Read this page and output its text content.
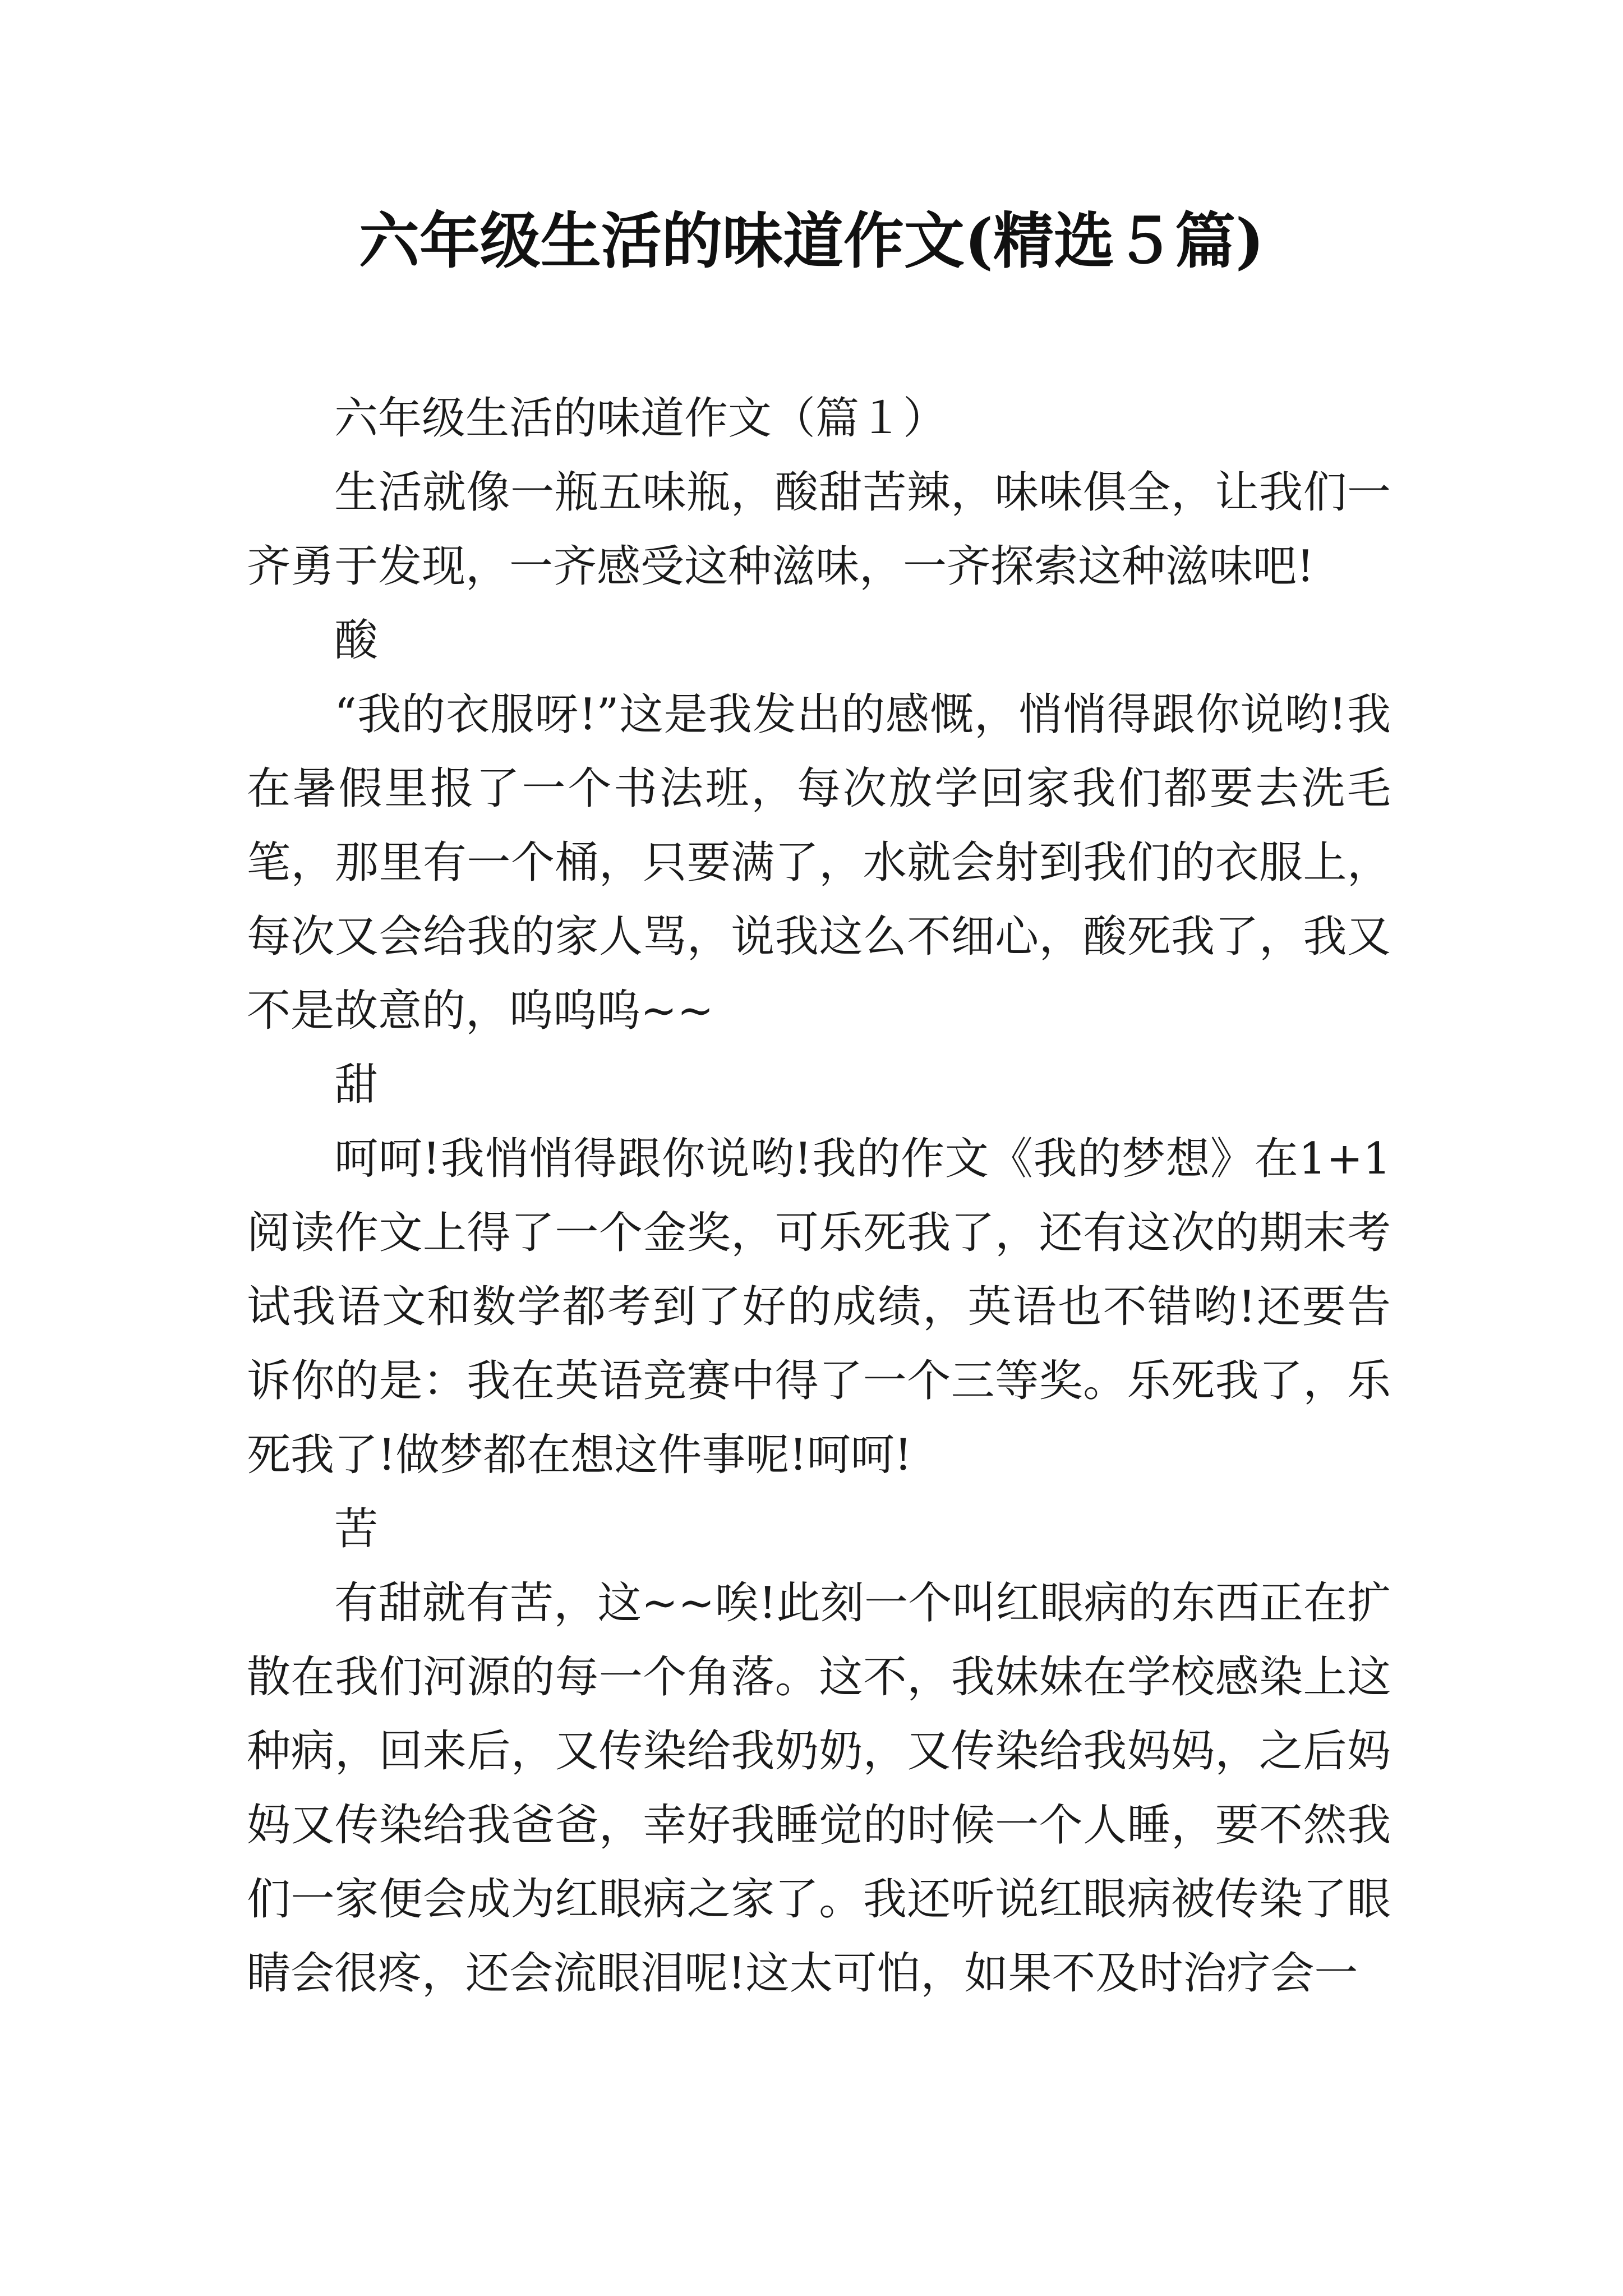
六年级生活的味道作文(精选５篇)

六年级生活的味道作文（篇１）

生活就像一瓶五味瓶，酸甜苦辣，味味俱全，让我们一齐勇于发现，一齐感受这种滋味，一齐探索这种滋味吧!

酸

“我的衣服呀!”这是我发出的感慨，悄悄得跟你说哟!我在暑假里报了一个书法班，每次放学回家我们都要去洗毛笔，那里有一个桶，只要满了，水就会射到我们的衣服上，每次又会给我的家人骂，说我这么不细心，酸死我了，我又不是故意的，呜呜呜~~

甜

呵呵!我悄悄得跟你说哟!我的作文《我的梦想》在1+1阅读作文上得了一个金奖，可乐死我了，还有这次的期末考试我语文和数学都考到了好的成绩，英语也不错哟!还要告诉你的是：我在英语竞赛中得了一个三等奖。乐死我了，乐死我了!做梦都在想这件事呢!呵呵!

苦

有甜就有苦，这~~唉!此刻一个叫红眼病的东西正在扩散在我们河源的每一个角落。这不，我妹妹在学校感染上这种病，回来后，又传染给我奶奶，又传染给我妈妈，之后妈妈又传染给我爸爸，幸好我睡觉的时候一个人睡，要不然我们一家便会成为红眼病之家了。我还听说红眼病被传染了眼睛会很疼，还会流眼泪呢!这太可怕，如果不及时治疗会一
